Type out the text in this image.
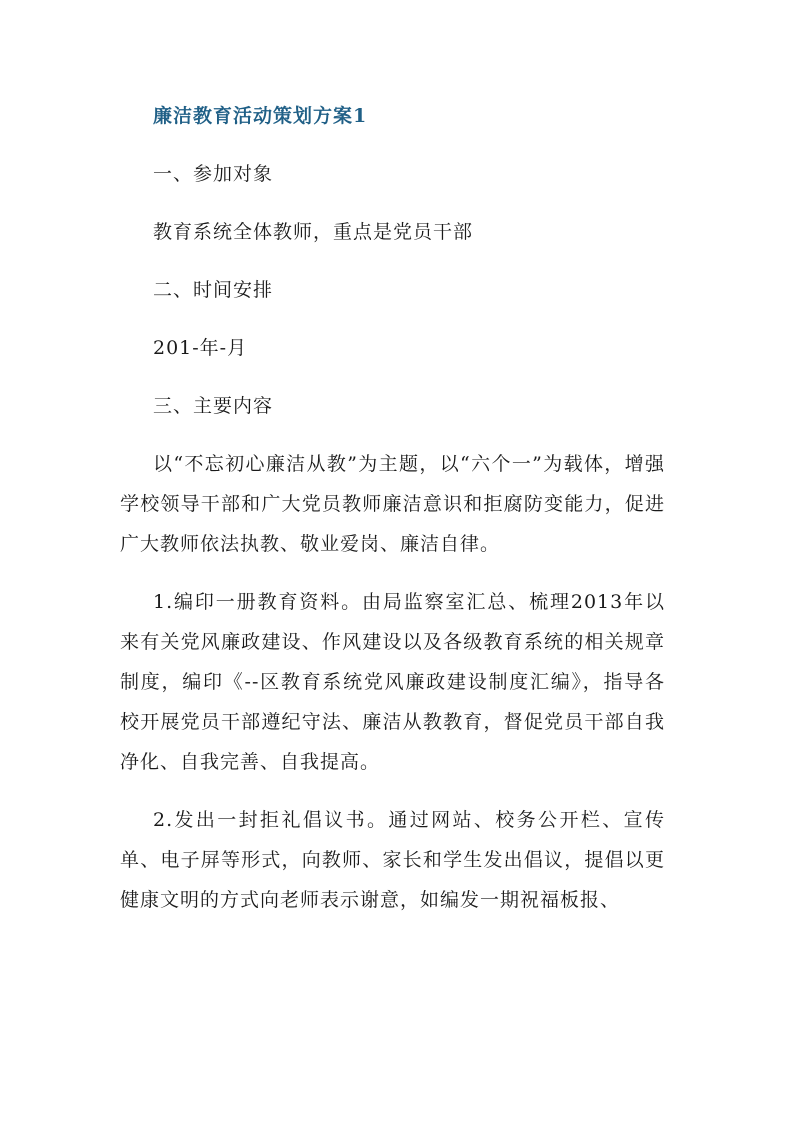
廉洁教育活动策划方案1

一、参加对象

教育系统全体教师，重点是党员干部

二、时间安排

201-年-月

三、主要内容

以“不忘初心廉洁从教”为主题，以“六个一”为载体，增强学校领导干部和广大党员教师廉洁意识和拒腐防变能力，促进广大教师依法执教、敬业爱岗、廉洁自律。

1.编印一册教育资料。由局监察室汇总、梳理2013年以来有关党风廉政建设、作风建设以及各级教育系统的相关规章制度，编印《--区教育系统党风廉政建设制度汇编》，指导各校开展党员干部遵纪守法、廉洁从教教育，督促党员干部自我净化、自我完善、自我提高。

2.发出一封拒礼倡议书。通过网站、校务公开栏、宣传单、电子屏等形式，向教师、家长和学生发出倡议，提倡以更健康文明的方式向老师表示谢意，如编发一期祝福板报、
